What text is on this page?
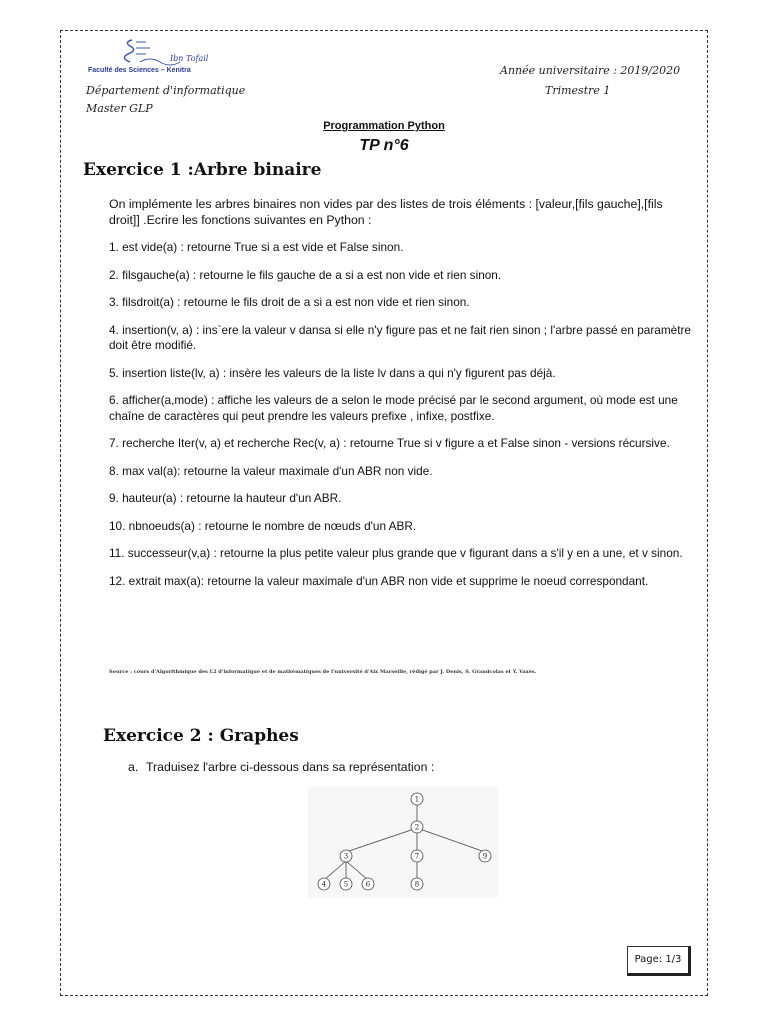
Ibn Tofail
Faculté des Sciences – Kenitra
Département d'informatique
Master GLP
Année universitaire : 2019/2020
Trimestre 1
Programmation Python
TP n°6
Exercice 1 :Arbre binaire
On implémente les arbres binaires non vides par des listes de trois éléments : [valeur,[fils gauche],[fils droit]] .Ecrire les fonctions suivantes en Python :

1. est vide(a) : retourne True si a est vide et False sinon.

2. filsgauche(a) : retourne le fils gauche de a si a est non vide et rien sinon.

3. filsdroit(a) : retourne le fils droit de a si a est non vide et rien sinon.

4. insertion(v, a) : ins`ere la valeur v dansa si elle n'y figure pas et ne fait rien sinon ; l'arbre passé en paramètre doit être modifié.

5. insertion liste(lv, a) : insère les valeurs de la liste lv dans a qui n'y figurent pas déjà.

6. afficher(a,mode) : affiche les valeurs de a selon le mode précisé par le second argument, où mode est une chaîne de caractères qui peut prendre les valeurs prefixe , infixe, postfixe.

7. recherche Iter(v, a) et recherche Rec(v, a) : retourne True si v figure a et False sinon - versions récursive.

8. max val(a): retourne la valeur maximale d'un ABR non vide.

9. hauteur(a) : retourne la hauteur d'un ABR.

10. nbnoeuds(a) : retourne le nombre de nœuds d'un ABR.

11. successeur(v,a) : retourne la plus petite valeur plus grande que v figurant dans a s'il y en a une, et v sinon.

12. extrait max(a): retourne la valeur maximale d'un ABR non vide et supprime le noeud correspondant.

Source : cours d'Algorithmique des L2 d'informatique et de mathématiques de l'université d'Aix Marseille, rédigé par J. Denis, S. Grandcolas et Y. Vaxès.
Exercice 2 : Graphes
a. Traduisez l'arbre ci-dessous dans sa représentation :
1
2
3	7	9
4	5	6	8
Page: 1/3
